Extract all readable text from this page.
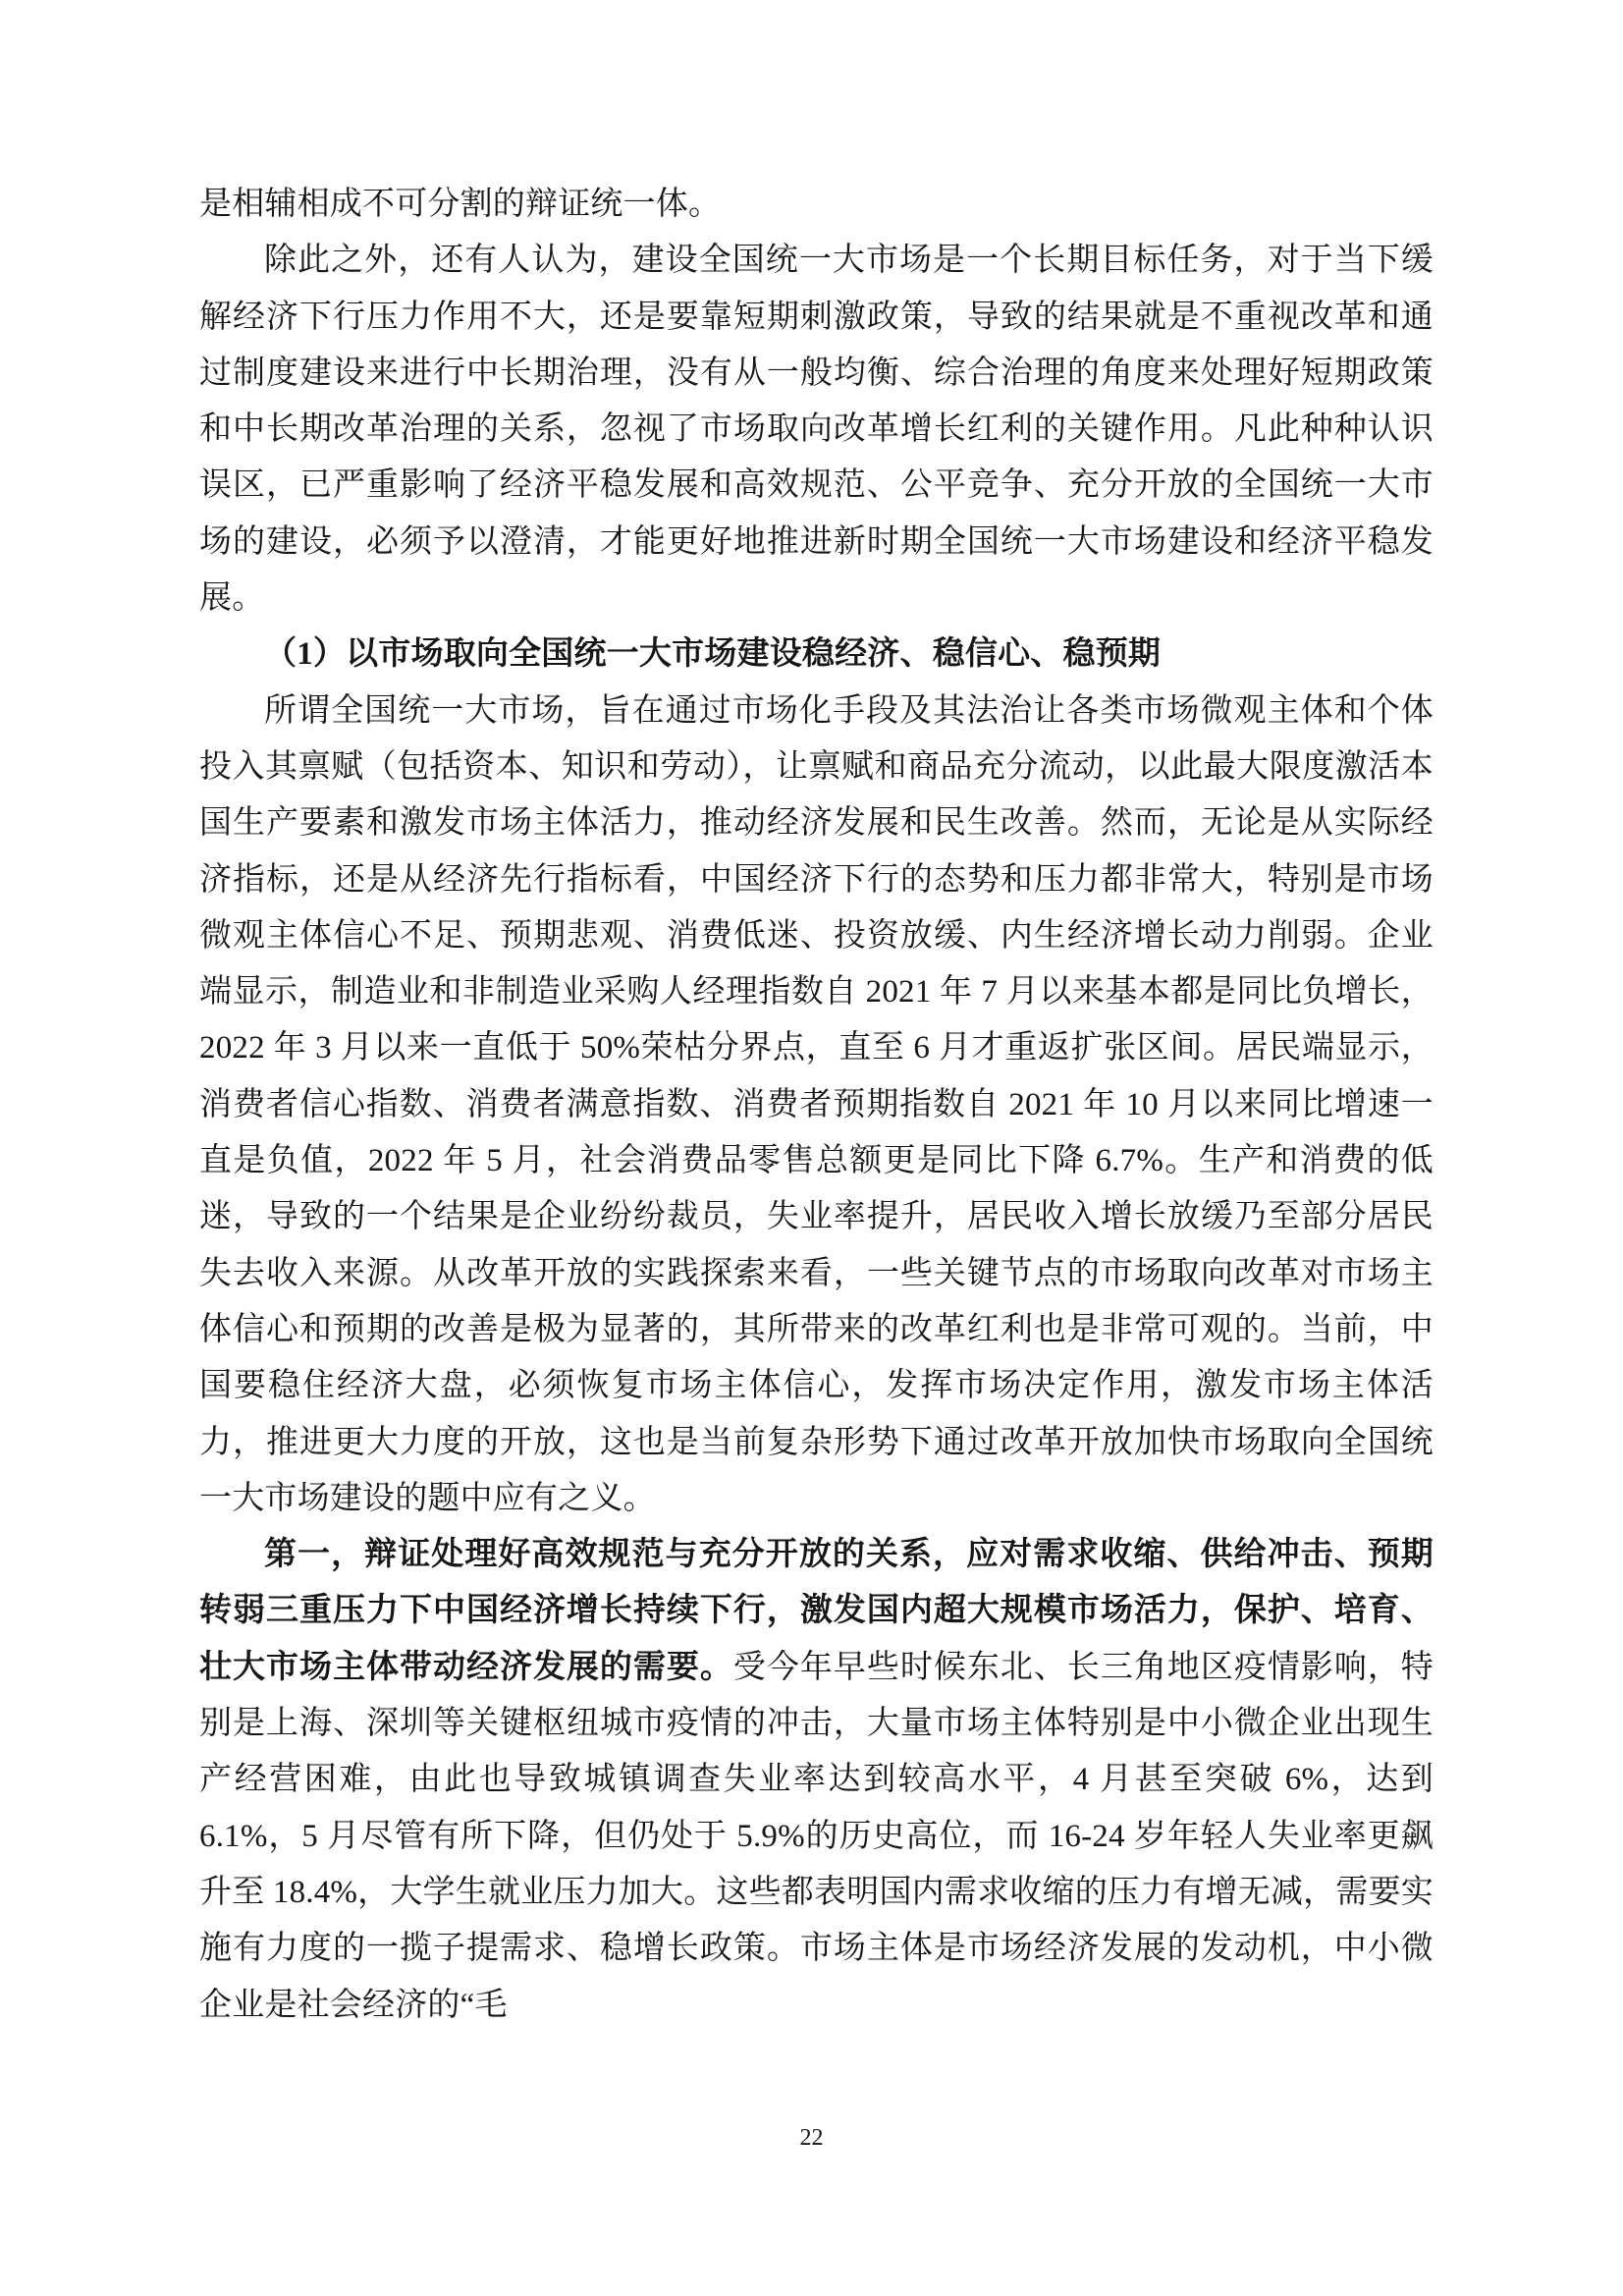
是相辅相成不可分割的辩证统一体。

除此之外，还有人认为，建设全国统一大市场是一个长期目标任务，对于当下缓解经济下行压力作用不大，还是要靠短期刺激政策，导致的结果就是不重视改革和通过制度建设来进行中长期治理，没有从一般均衡、综合治理的角度来处理好短期政策和中长期改革治理的关系，忽视了市场取向改革增长红利的关键作用。凡此种种认识误区，已严重影响了经济平稳发展和高效规范、公平竞争、充分开放的全国统一大市场的建设，必须予以澄清，才能更好地推进新时期全国统一大市场建设和经济平稳发展。

（1）以市场取向全国统一大市场建设稳经济、稳信心、稳预期

所谓全国统一大市场，旨在通过市场化手段及其法治让各类市场微观主体和个体投入其禀赋（包括资本、知识和劳动），让禀赋和商品充分流动，以此最大限度激活本国生产要素和激发市场主体活力，推动经济发展和民生改善。然而，无论是从实际经济指标，还是从经济先行指标看，中国经济下行的态势和压力都非常大，特别是市场微观主体信心不足、预期悲观、消费低迷、投资放缓、内生经济增长动力削弱。企业端显示，制造业和非制造业采购人经理指数自 2021 年 7 月以来基本都是同比负增长，2022 年 3 月以来一直低于 50%荣枯分界点，直至 6 月才重返扩张区间。居民端显示，消费者信心指数、消费者满意指数、消费者预期指数自 2021 年 10 月以来同比增速一直是负值，2022 年 5 月，社会消费品零售总额更是同比下降 6.7%。生产和消费的低迷，导致的一个结果是企业纷纷裁员，失业率提升，居民收入增长放缓乃至部分居民失去收入来源。从改革开放的实践探索来看，一些关键节点的市场取向改革对市场主体信心和预期的改善是极为显著的，其所带来的改革红利也是非常可观的。当前，中国要稳住经济大盘，必须恢复市场主体信心，发挥市场决定作用，激发市场主体活力，推进更大力度的开放，这也是当前复杂形势下通过改革开放加快市场取向全国统一大市场建设的题中应有之义。

第一，辩证处理好高效规范与充分开放的关系，应对需求收缩、供给冲击、预期转弱三重压力下中国经济增长持续下行，激发国内超大规模市场活力，保护、培育、壮大市场主体带动经济发展的需要。受今年早些时候东北、长三角地区疫情影响，特别是上海、深圳等关键枢纽城市疫情的冲击，大量市场主体特别是中小微企业出现生产经营困难，由此也导致城镇调查失业率达到较高水平，4 月甚至突破 6%，达到 6.1%，5 月尽管有所下降，但仍处于 5.9%的历史高位，而 16-24 岁年轻人失业率更飙升至 18.4%，大学生就业压力加大。这些都表明国内需求收缩的压力有增无减，需要实施有力度的一揽子提需求、稳增长政策。市场主体是市场经济发展的发动机，中小微企业是社会经济的“毛

22
